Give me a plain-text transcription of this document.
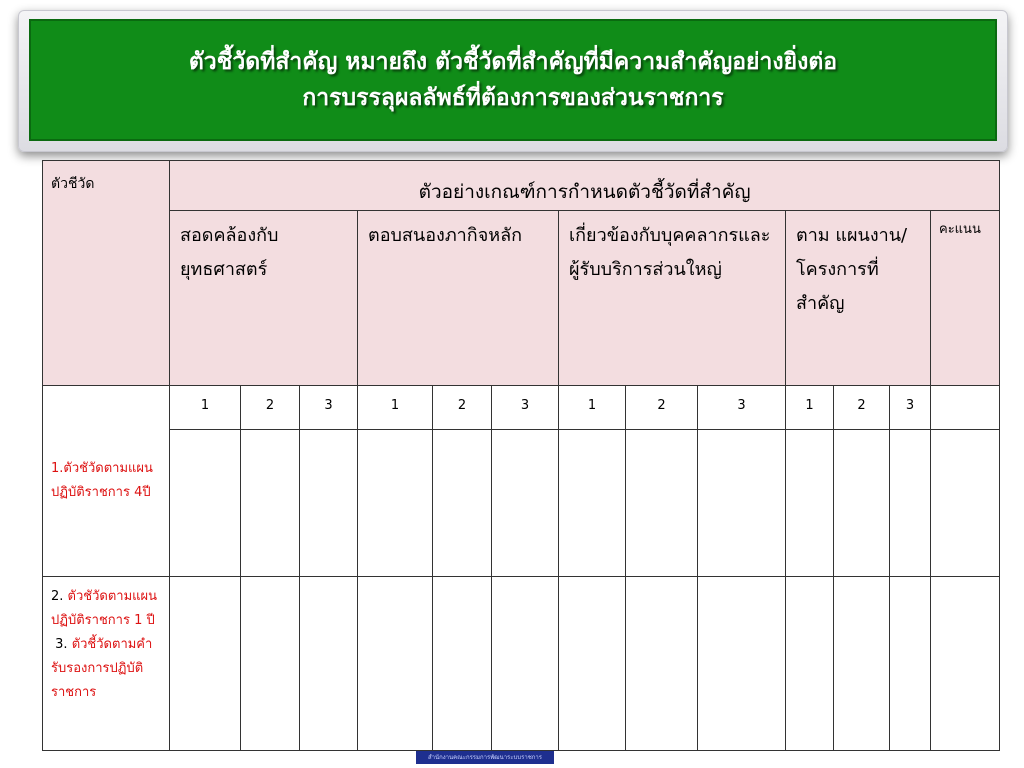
ตัวชี้วัดที่สำคัญ หมายถึง ตัวชี้วัดที่สำคัญที่มีความสำคัญอย่างยิ่งต่อ
การบรรลุผลลัพธ์ที่ต้องการของส่วนราชการ
ตัวชีวัด	ตัวอย่างเกณฑ์การกำหนดตัวชี้วัดที่สำคัญ												
	สอดคล้องกับ ยุทธศาสตร์			ตอบสนองภากิจหลัก			เกี่ยวข้องกับบุคคลากรและผู้รับบริการส่วนใหญ่			ตาม แผนงาน/ โครงการที่สำคัญ			คะแนน
1.ตัวชัวัดตามแผนปฏิบัติราชการ 4ปี	1	2	3	1	2	3	1	2	3	1	2	3	

2. ตัวชัวัดตามแผนปฏิบัติราชการ 1 ปี
3. ตัวชี้วัดตามคำรับรองการปฏิบัติราชการ													
สำนักงานคณะกรรมการพัฒนาระบบราชการ
